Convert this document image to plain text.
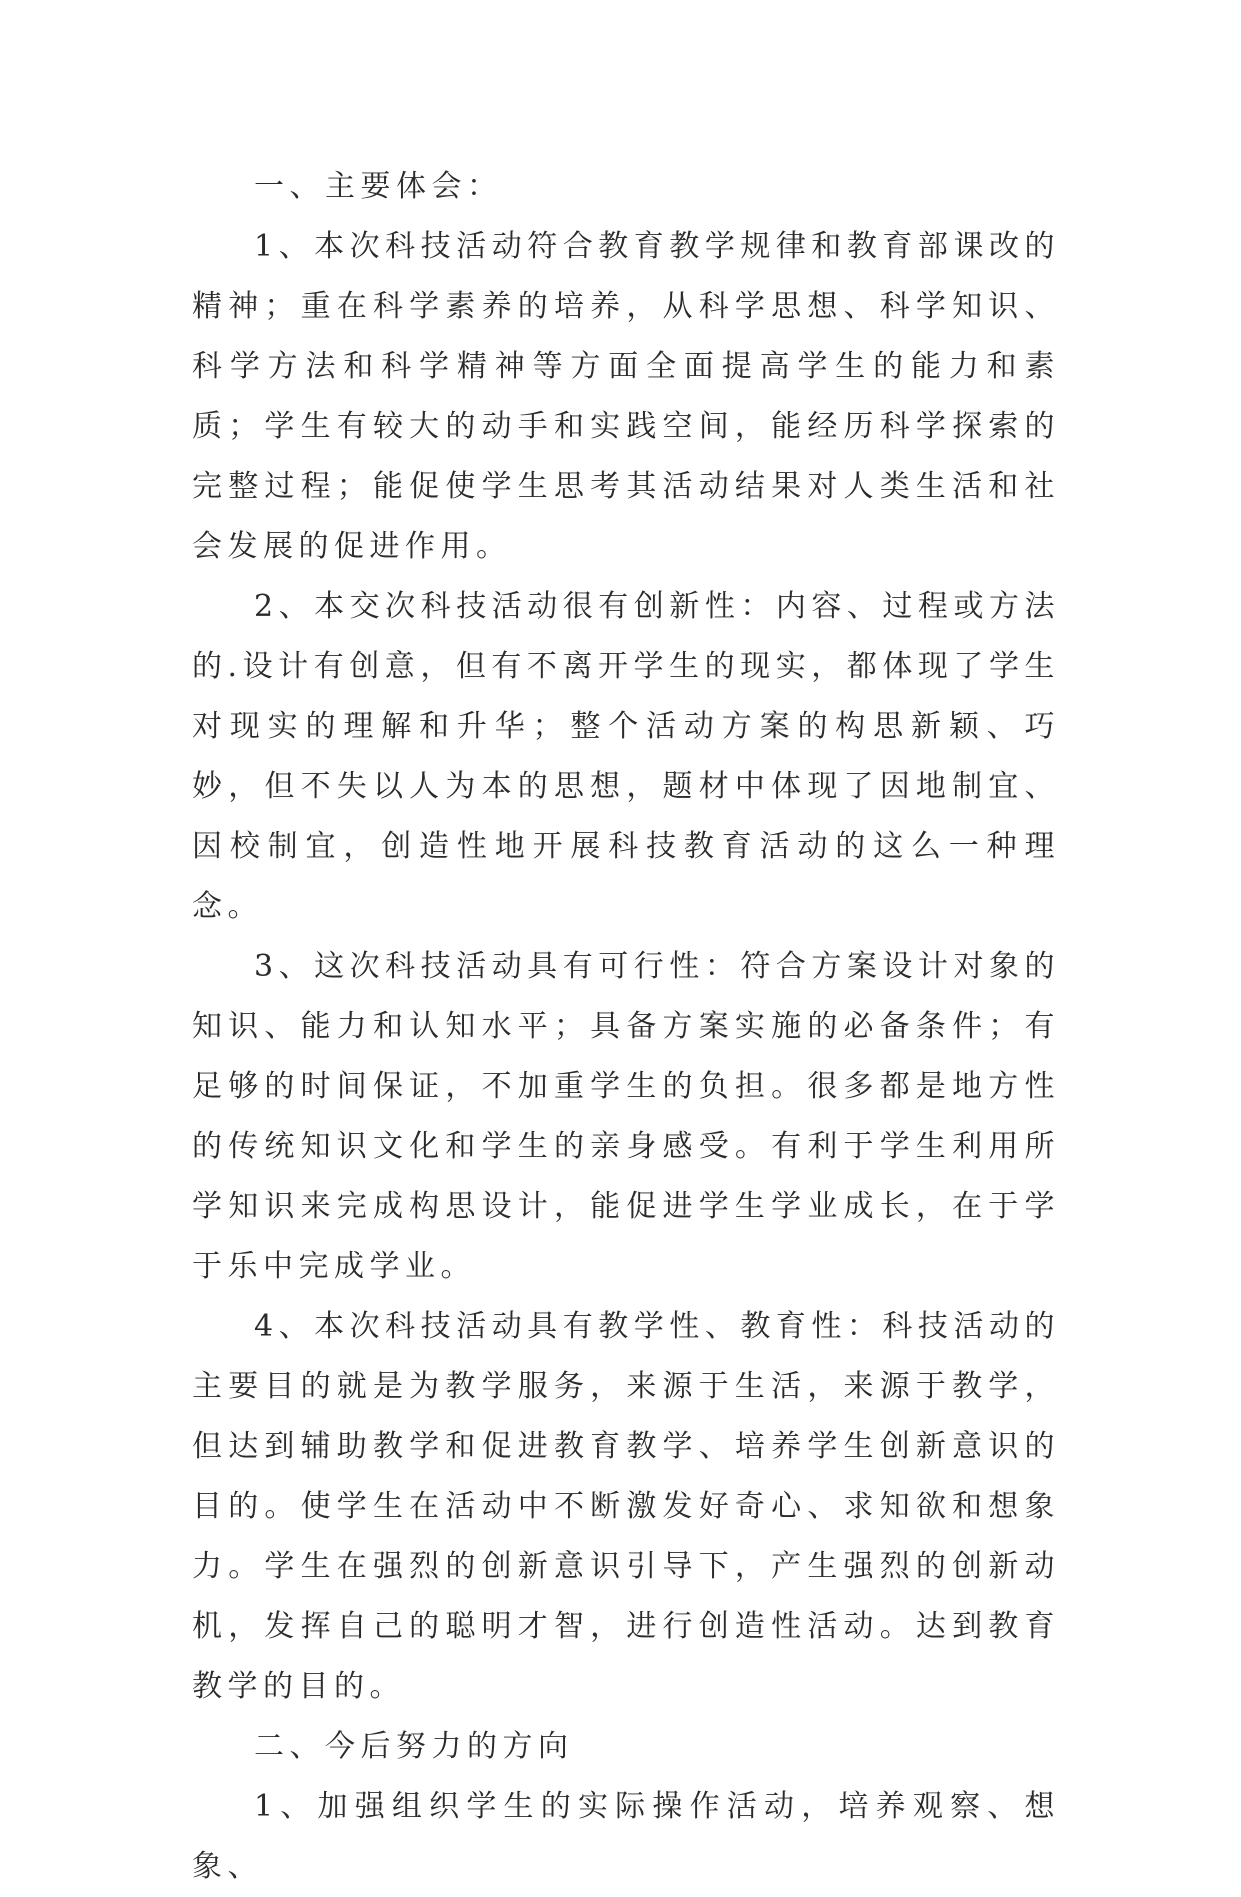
一、主要体会：

1、本次科技活动符合教育教学规律和教育部课改的精神；重在科学素养的培养，从科学思想、科学知识、科学方法和科学精神等方面全面提高学生的能力和素质；学生有较大的动手和实践空间，能经历科学探索的完整过程；能促使学生思考其活动结果对人类生活和社会发展的促进作用。

2、本交次科技活动很有创新性：内容、过程或方法的.设计有创意，但有不离开学生的现实，都体现了学生对现实的理解和升华；整个活动方案的构思新颖、巧妙，但不失以人为本的思想，题材中体现了因地制宜、因校制宜，创造性地开展科技教育活动的这么一种理念。

3、这次科技活动具有可行性：符合方案设计对象的知识、能力和认知水平；具备方案实施的必备条件；有足够的时间保证，不加重学生的负担。很多都是地方性的传统知识文化和学生的亲身感受。有利于学生利用所学知识来完成构思设计，能促进学生学业成长，在于学于乐中完成学业。

4、本次科技活动具有教学性、教育性：科技活动的主要目的就是为教学服务，来源于生活，来源于教学，但达到辅助教学和促进教育教学、培养学生创新意识的目的。使学生在活动中不断激发好奇心、求知欲和想象力。学生在强烈的创新意识引导下，产生强烈的创新动机，发挥自己的聪明才智，进行创造性活动。达到教育教学的目的。

二、今后努力的方向

1、加强组织学生的实际操作活动，培养观察、想象、
